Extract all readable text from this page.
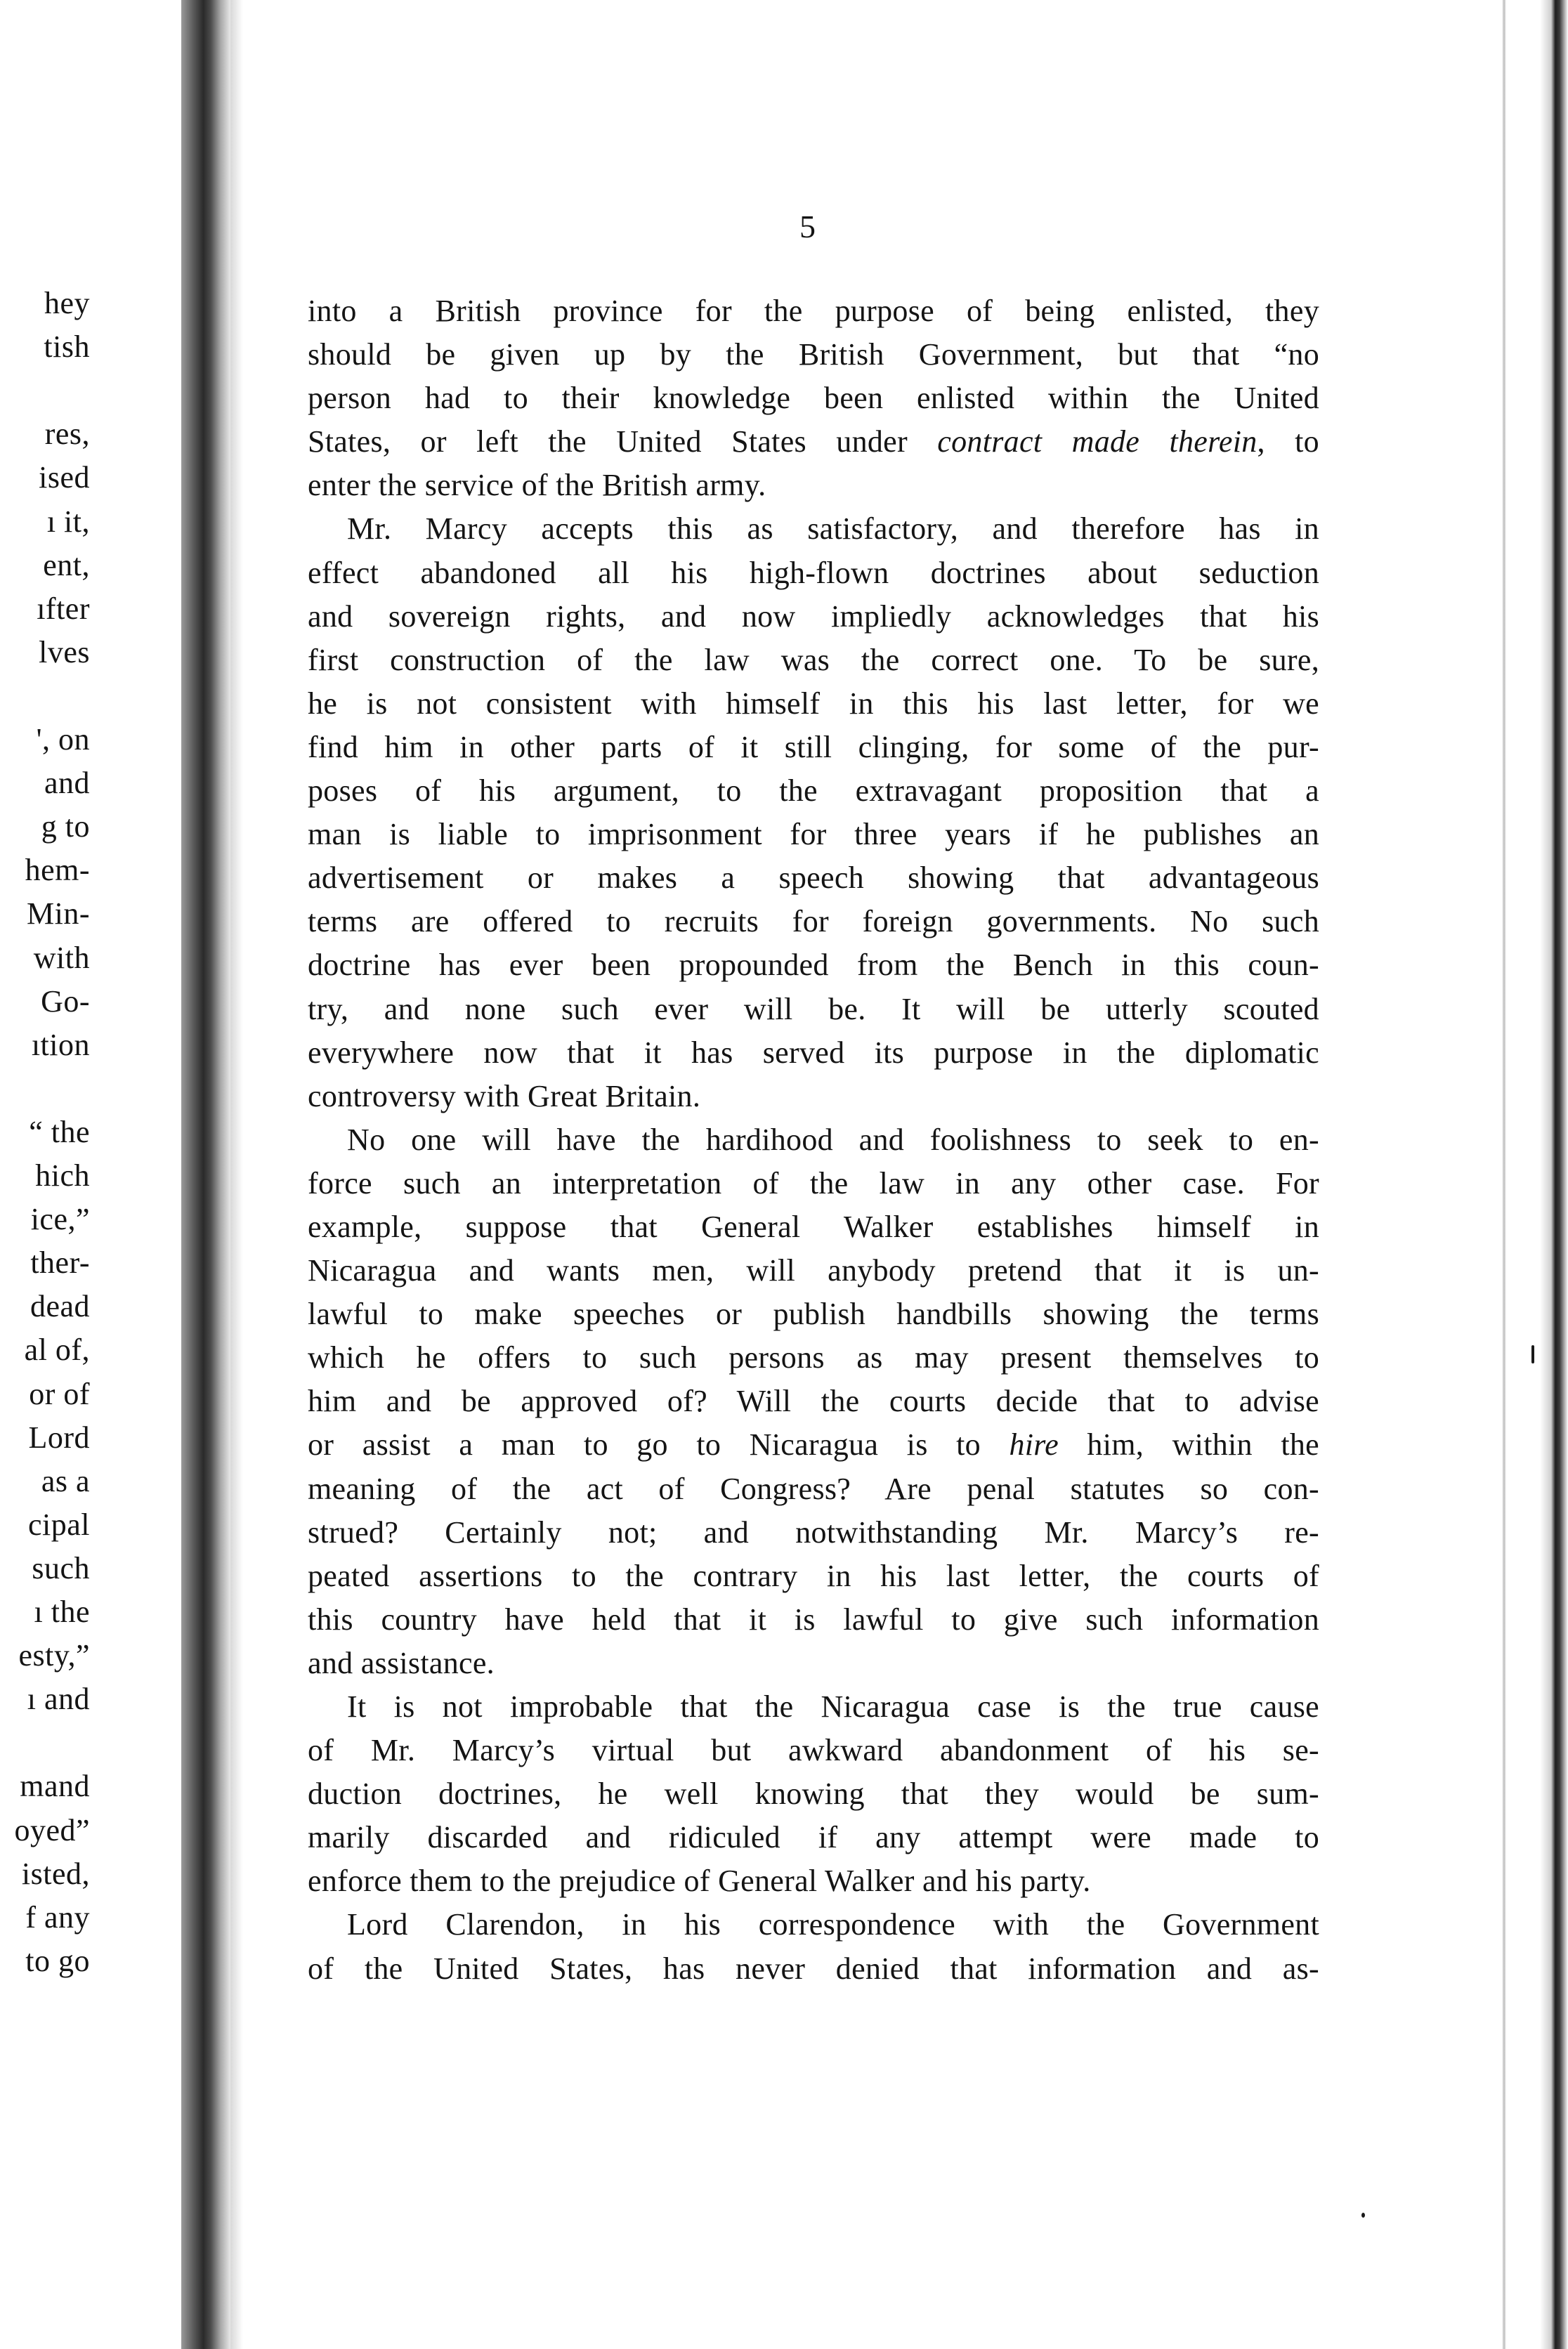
hey
tish
res,
ised
ı it,
ent,
ıfter
lves
', on
and
g to
hem-
Min-
with
Go-
ıtion
“ the
hich
ice,”
ther-
dead
al of,
or of
Lord
as a
cipal
such
ı the
esty,”
ı and
mand
oyed”
isted,
f any
to go
5
into a British province for the purpose of being enlisted, they
should be given up by the British Government, but that “no
person had to their knowledge been enlisted within the United
States, or left the United States under contract made therein, to
enter the service of the British army.
Mr. Marcy accepts this as satisfactory, and therefore has in
effect abandoned all his high-flown doctrines about seduction
and sovereign rights, and now impliedly acknowledges that his
first construction of the law was the correct one. To be sure,
he is not consistent with himself in this his last letter, for we
find him in other parts of it still clinging, for some of the pur-
poses of his argument, to the extravagant proposition that a
man is liable to imprisonment for three years if he publishes an
advertisement or makes a speech showing that advantageous
terms are offered to recruits for foreign governments. No such
doctrine has ever been propounded from the Bench in this coun-
try, and none such ever will be. It will be utterly scouted
everywhere now that it has served its purpose in the diplomatic
controversy with Great Britain.
No one will have the hardihood and foolishness to seek to en-
force such an interpretation of the law in any other case. For
example, suppose that General Walker establishes himself in
Nicaragua and wants men, will anybody pretend that it is un-
lawful to make speeches or publish handbills showing the terms
which he offers to such persons as may present themselves to
him and be approved of? Will the courts decide that to advise
or assist a man to go to Nicaragua is to hire him, within the
meaning of the act of Congress? Are penal statutes so con-
strued? Certainly not; and notwithstanding Mr. Marcy’s re-
peated assertions to the contrary in his last letter, the courts of
this country have held that it is lawful to give such information
and assistance.
It is not improbable that the Nicaragua case is the true cause
of Mr. Marcy’s virtual but awkward abandonment of his se-
duction doctrines, he well knowing that they would be sum-
marily discarded and ridiculed if any attempt were made to
enforce them to the prejudice of General Walker and his party.
Lord Clarendon, in his correspondence with the Government
of the United States, has never denied that information and as-
